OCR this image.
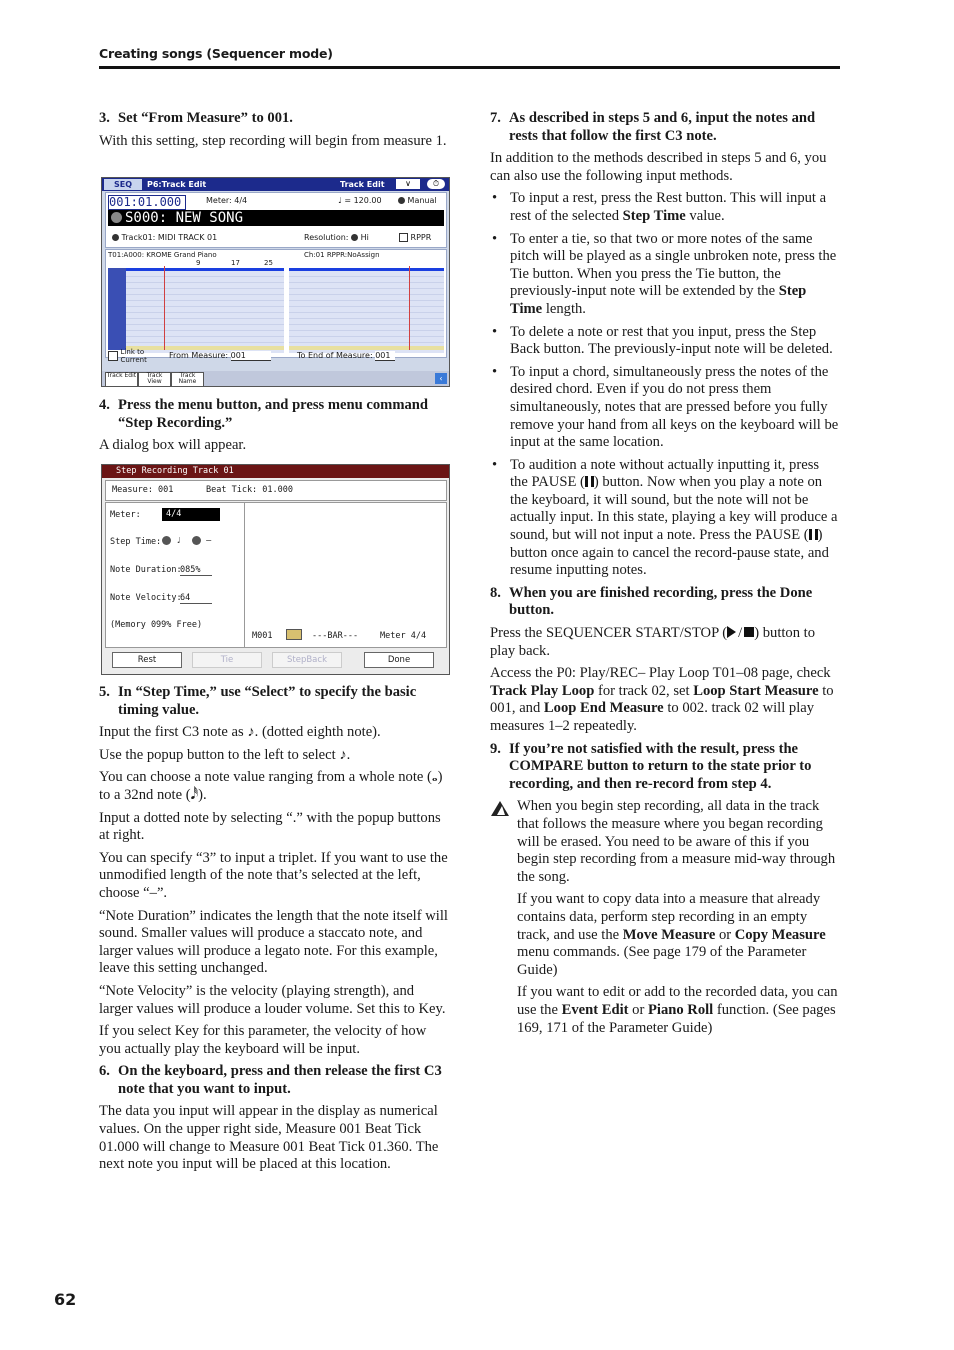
Creating songs (Sequencer mode)
62
3. Set “From Measure” to 001.

With this setting, step recording will begin from measure 1.

SEQ	P6:Track Edit	Track Edit	∨	⏱
001:01.000	Meter: 4/4	♩ = 120.00	Manual
S000: NEW SONG
Track01: MIDI TRACK 01	Resolution: Hi	RPPR
T01:A000: KROME Grand Piano	Ch:01 RPPR:NoAssign
9	17	25
Link to Current	From Measure: 001	To End of Measure: 001
Track Edit	Track View
Track Name	‹
4. Press the menu button, and press menu command “Step Recording.”

A dialog box will appear.

Step Recording Track 01
Measure: 001	Beat Tick: 01.000
Meter:	4/4
Step Time:	♩	–
Note Duration:
085%
Note Velocity:
64
(Memory 099% Free)
M001	---BAR---	Meter 4/4
Rest	Tie	StepBack	Done
5. In “Step Time,” use “Select” to specify the basic timing value.

Input the first C3 note as ♪. (dotted eighth note).

Use the popup button to the left to select ♪.

You can choose a note value ranging from a whole note (𝅝) to a 32nd note (𝅘𝅥𝅰).

Input a dotted note by selecting “.” with the popup buttons at right.

You can specify “3” to input a triplet. If you want to use the unmodified length of the note that’s selected at the left, choose “–”.

“Note Duration” indicates the length that the note itself will sound. Smaller values will produce a staccato note, and larger values will produce a legato note. For this example, leave this setting unchanged.

“Note Velocity” is the velocity (playing strength), and larger values will produce a louder volume. Set this to Key.

If you select Key for this parameter, the velocity of how you actually play the keyboard will be input.

6. On the keyboard, press and then release the first C3 note that you want to input.

The data you input will appear in the display as numerical values. On the upper right side, Measure 001 Beat Tick 01.000 will change to Measure 001 Beat Tick 01.360. The next note you input will be placed at this location.

7. As described in steps 5 and 6, input the notes and rests that follow the first C3 note.

In addition to the methods described in steps 5 and 6, you can also use the following input methods.

• To input a rest, press the Rest button. This will input a rest of the selected Step Time value.
• To enter a tie, so that two or more notes of the same pitch will be played as a single unbroken note, press the Tie button. When you press the Tie button, the previously-input note will be extended by the Step Time length.
• To delete a note or rest that you input, press the Step Back button. The previously-input note will be deleted.
• To input a chord, simultaneously press the notes of the desired chord. Even if you do not press them simultaneously, notes that are pressed before you fully remove your hand from all keys on the keyboard will be input at the same location.
• To audition a note without actually inputting it, press the PAUSE ( ) button. Now when you play a note on the keyboard, it will sound, but the note will not be actually input. In this state, playing a key will produce a sound, but will not input a note. Press the PAUSE ( ) button once again to cancel the record-pause state, and resume inputting notes.
8. When you are finished recording, press the Done button.

Press the SEQUENCER START/STOP ( / ) button to play back.

Access the P0: Play/REC– Play Loop T01–08 page, check Track Play Loop for track 02, set Loop Start Measure to 001, and Loop End Measure to 002. track 02 will play measures 1–2 repeatedly.

9. If you’re not satisfied with the result, press the COMPARE button to return to the state prior to recording, and then re-record from step 4.

When you begin step recording, all data in the track that follows the measure where you began recording will be erased. You need to be aware of this if you begin step recording from a measure mid-way through the song.

If you want to copy data into a measure that already contains data, perform step recording in an empty track, and use the Move Measure or Copy Measure menu commands. (See page 179 of the Parameter Guide)

If you want to edit or add to the recorded data, you can use the Event Edit or Piano Roll function. (See pages 169, 171 of the Parameter Guide)
